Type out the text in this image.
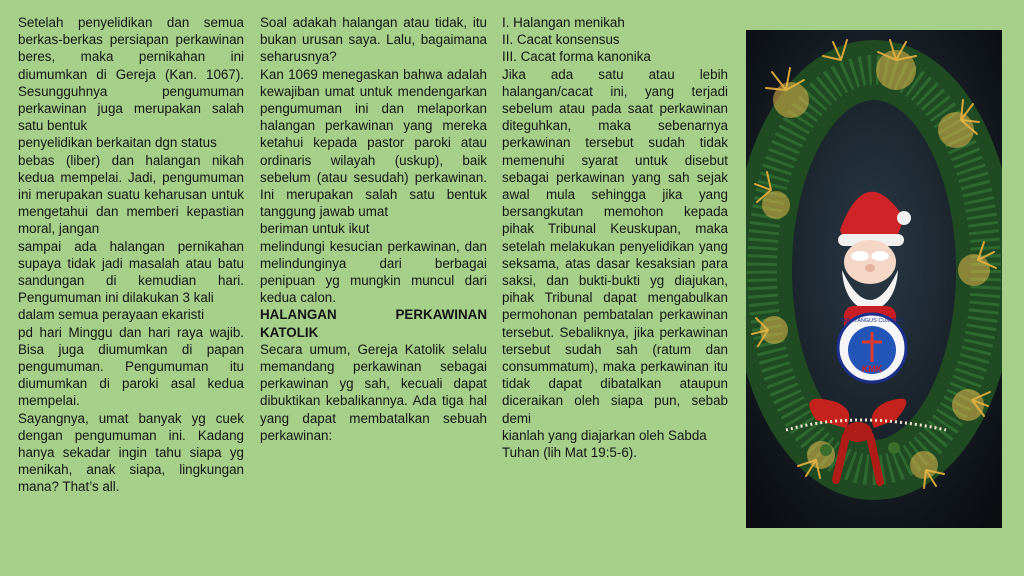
Setelah penyelidikan dan semua berkas-berkas persiapan perkawinan beres, maka pernikahan ini diumumkan di Gereja (Kan. 1067). Sesungguhnya pengumuman perkawinan juga merupakan salah satu bentuk

penyelidikan berkaitan dgn status

bebas (liber) dan halangan nikah kedua mempelai. Jadi, pengumuman ini merupakan suatu keharusan untuk mengetahui dan memberi kepastian moral, jangan

sampai ada halangan pernikahan supaya tidak jadi masalah atau batu sandungan di kemudian hari. Pengumuman ini dilakukan 3 kali

dalam semua perayaan ekaristi

pd hari Minggu dan hari raya wajib. Bisa juga diumumkan di papan pengumuman. Pengumuman itu diumumkan di paroki asal kedua mempelai.

Sayangnya, umat banyak yg cuek dengan pengumuman ini. Kadang hanya sekadar ingin tahu siapa yg menikah, anak siapa, lingkungan mana? That’s all.

Soal adakah halangan atau tidak, itu bukan urusan saya. Lalu, bagaimana seharusnya?

Kan 1069 menegaskan bahwa adalah kewajiban umat untuk mendengarkan pengumuman ini dan melaporkan halangan perkawinan yang mereka ketahui kepada pastor paroki atau ordinaris wilayah (uskup), baik sebelum (atau sesudah) perkawinan. Ini merupakan salah satu bentuk tanggung jawab umat

beriman untuk ikut

melindungi kesucian perkawinan, dan melindunginya dari berbagai penipuan yg mungkin muncul dari kedua calon.

HALANGAN PERKAWINAN KATOLIK

Secara umum, Gereja Katolik selalu memandang perkawinan sebagai perkawinan yg sah, kecuali dapat dibuktikan kebalikannya. Ada tiga hal yang dapat membatalkan sebuah perkawinan:

I. Halangan menikah

II. Cacat konsensus

III. Cacat forma kanonika

Jika ada satu atau lebih halangan/cacat ini, yang terjadi sebelum atau pada saat perkawinan diteguhkan, maka sebenarnya perkawinan tersebut sudah tidak memenuhi syarat untuk disebut sebagai perkawinan yang sah sejak awal mula sehingga jika yang bersangkutan memohon kepada pihak Tribunal Keuskupan, maka setelah melakukan penyelidikan yang seksama, atas dasar kesaksian para saksi, dan bukti-bukti yg diajukan, pihak Tribunal dapat mengabulkan permohonan pembatalan perkawinan tersebut. Sebaliknya, jika perkawinan tersebut sudah sah (ratum dan consummatum), maka perkawinan itu tidak dapat dibatalkan ataupun diceraikan oleh siapa pun, sebab demi

kianlah yang diajarkan oleh Sabda Tuhan (lih Mat 19:5-6).

SEBAYANGUS CUM DEO
KMK
